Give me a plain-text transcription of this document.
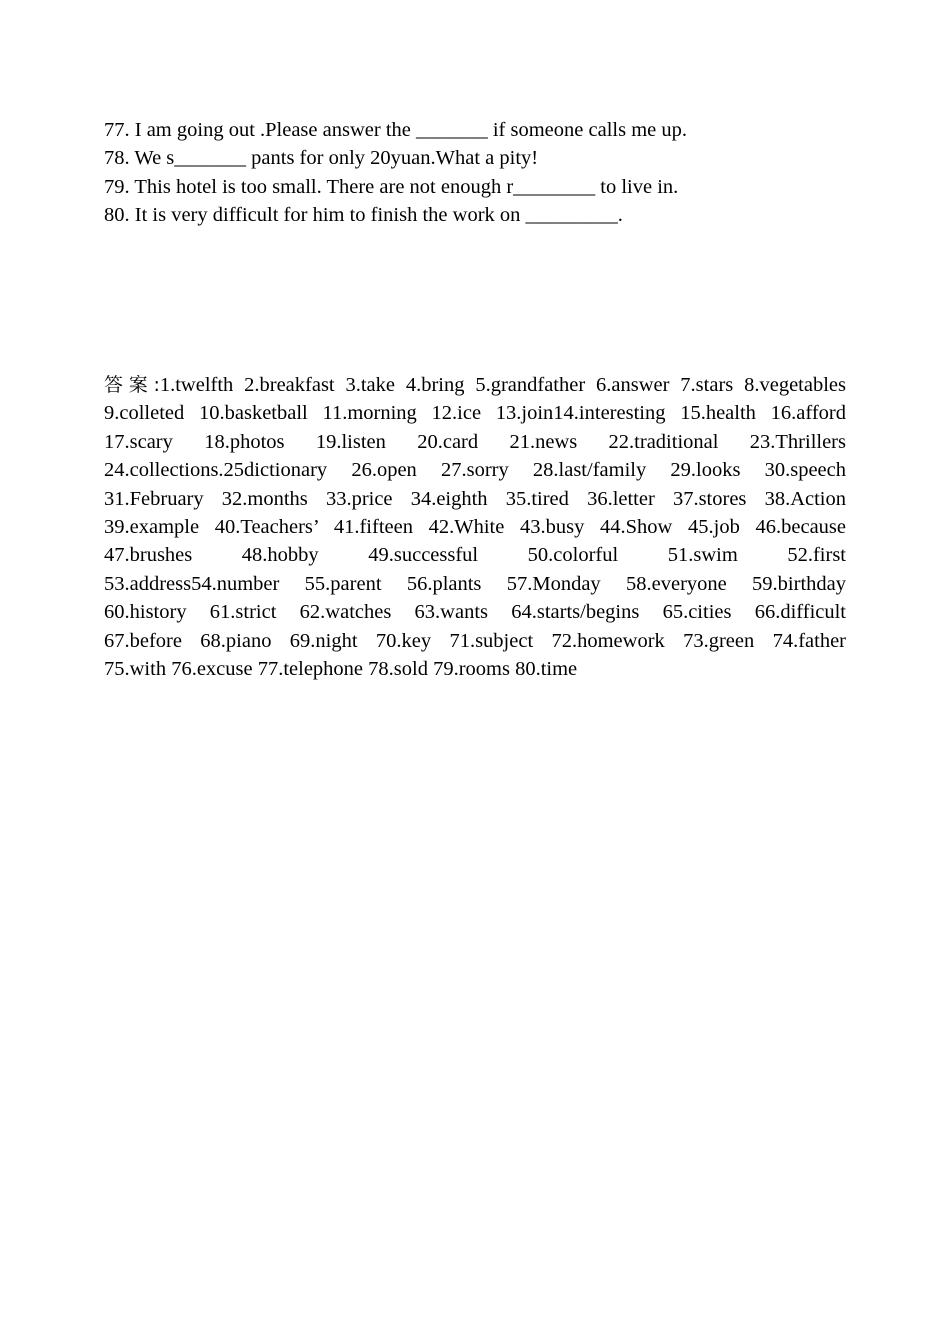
77. I am going out .Please answer the _______ if someone calls me up.
78. We s_______ pants for only 20yuan.What a pity!
79. This hotel is too small. There are not enough r________ to live in.
80. It is very difficult for him to finish the work on _________.
答案:1.twelfth 2.breakfast 3.take 4.bring 5.grandfather 6.answer 7.stars 8.vegetables
9.colleted 10.basketball 11.morning 12.ice 13.join14.interesting 15.health 16.afford
17.scary 18.photos 19.listen 20.card 21.news 22.traditional 23.Thrillers
24.collections.25dictionary 26.open 27.sorry 28.last/family 29.looks 30.speech
31.February 32.months 33.price 34.eighth 35.tired 36.letter 37.stores 38.Action
39.example 40.Teachers’ 41.fifteen 42.White 43.busy 44.Show 45.job 46.because
47.brushes 48.hobby 49.successful 50.colorful 51.swim 52.first
53.address54.number 55.parent 56.plants 57.Monday 58.everyone 59.birthday
60.history 61.strict 62.watches 63.wants 64.starts/begins 65.cities 66.difficult
67.before 68.piano 69.night 70.key 71.subject 72.homework 73.green 74.father
75.with 76.excuse 77.telephone 78.sold 79.rooms 80.time
